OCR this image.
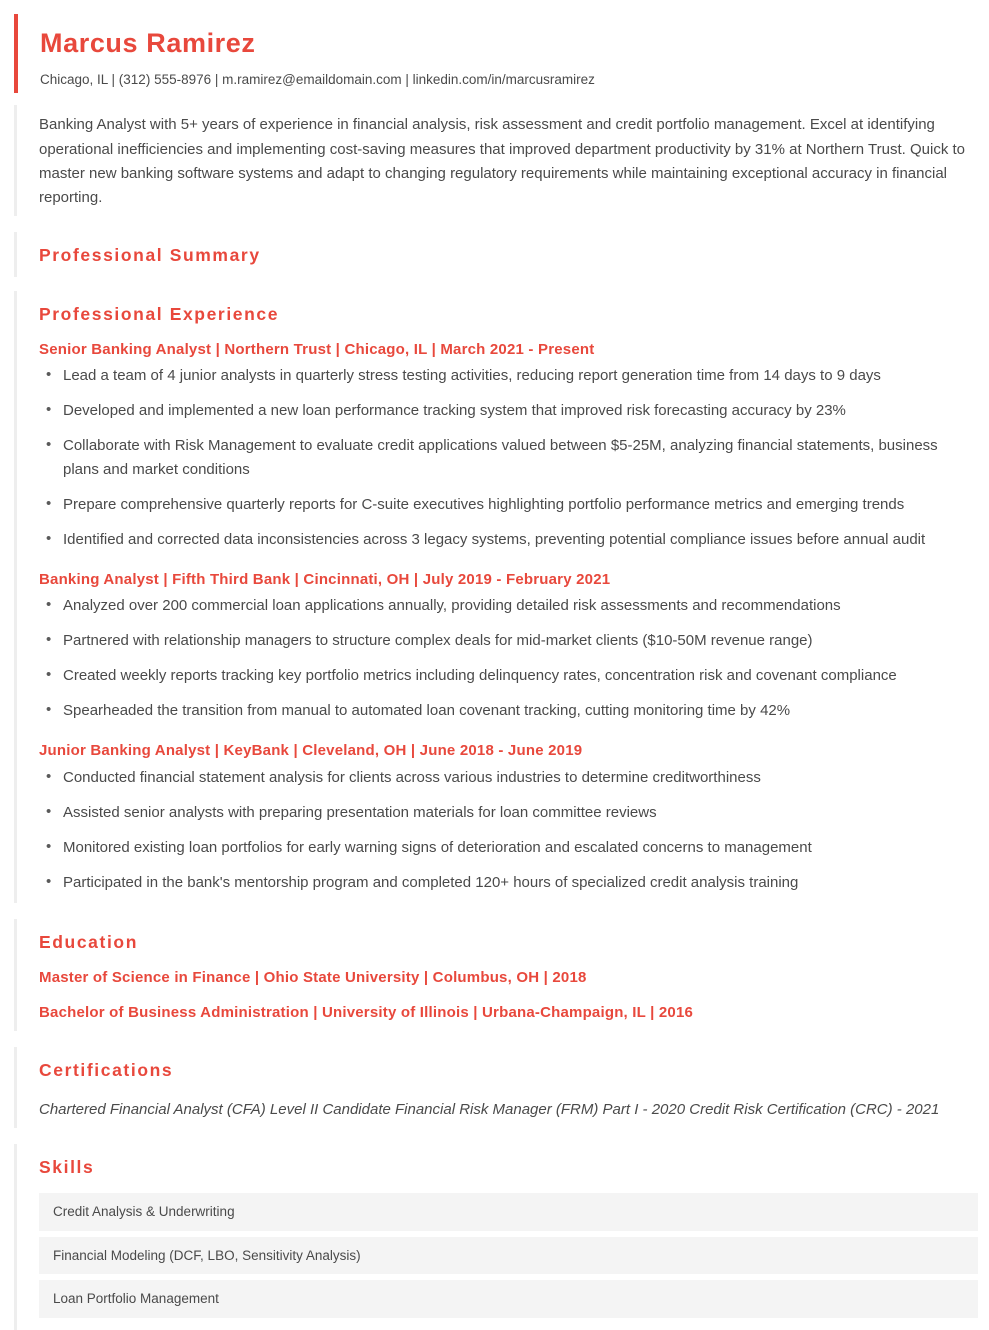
Marcus Ramirez

Chicago, IL | (312) 555-8976 | m.ramirez@emaildomain.com | linkedin.com/in/marcusramirez

Banking Analyst with 5+ years of experience in financial analysis, risk assessment and credit portfolio management. Excel at identifying operational inefficiencies and implementing cost-saving measures that improved department productivity by 31% at Northern Trust. Quick to master new banking software systems and adapt to changing regulatory requirements while maintaining exceptional accuracy in financial reporting.

Professional Summary
Professional Experience
Senior Banking Analyst | Northern Trust | Chicago, IL | March 2021 - Present
• Lead a team of 4 junior analysts in quarterly stress testing activities, reducing report generation time from 14 days to 9 days
• Developed and implemented a new loan performance tracking system that improved risk forecasting accuracy by 23%
• Collaborate with Risk Management to evaluate credit applications valued between $5-25M, analyzing financial statements, business plans and market conditions
• Prepare comprehensive quarterly reports for C-suite executives highlighting portfolio performance metrics and emerging trends
• Identified and corrected data inconsistencies across 3 legacy systems, preventing potential compliance issues before annual audit
Banking Analyst | Fifth Third Bank | Cincinnati, OH | July 2019 - February 2021
• Analyzed over 200 commercial loan applications annually, providing detailed risk assessments and recommendations
• Partnered with relationship managers to structure complex deals for mid-market clients ($10-50M revenue range)
• Created weekly reports tracking key portfolio metrics including delinquency rates, concentration risk and covenant compliance
• Spearheaded the transition from manual to automated loan covenant tracking, cutting monitoring time by 42%
Junior Banking Analyst | KeyBank | Cleveland, OH | June 2018 - June 2019
• Conducted financial statement analysis for clients across various industries to determine creditworthiness
• Assisted senior analysts with preparing presentation materials for loan committee reviews
• Monitored existing loan portfolios for early warning signs of deterioration and escalated concerns to management
• Participated in the bank's mentorship program and completed 120+ hours of specialized credit analysis training
Education

Master of Science in Finance | Ohio State University | Columbus, OH | 2018

Bachelor of Business Administration | University of Illinois | Urbana-Champaign, IL | 2016

Certifications

Chartered Financial Analyst (CFA) Level II Candidate Financial Risk Manager (FRM) Part I - 2020 Credit Risk Certification (CRC) - 2021

Skills
Credit Analysis & Underwriting
Financial Modeling (DCF, LBO, Sensitivity Analysis)
Loan Portfolio Management
